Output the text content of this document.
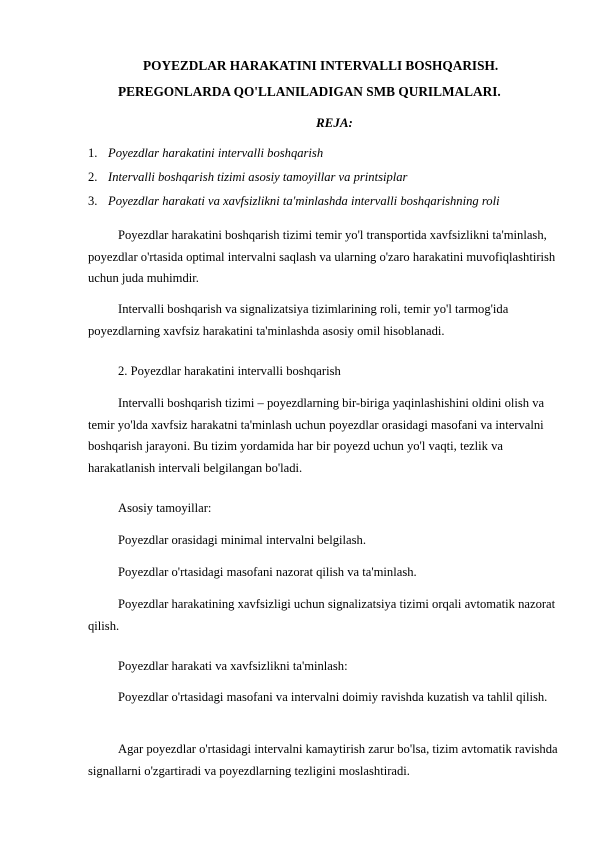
POYEZDLAR HARAKATINI INTERVALLI BOSHQARISH.
PEREGONLARDA QO'LLANILADIGAN SMB QURILMALARI.
REJA:
1. Poyezdlar harakatini intervalli boshqarish
2. Intervalli boshqarish tizimi asosiy tamoyillar va printsiplar
3. Poyezdlar harakati va xavfsizlikni ta'minlashda intervalli boshqarishning roli

Poyezdlar harakatini boshqarish tizimi temir yo'l transportida xavfsizlikni ta'minlash, poyezdlar o'rtasida optimal intervalni saqlash va ularning o'zaro harakatini muvofiqlashtirish uchun juda muhimdir.

Intervalli boshqarish va signalizatsiya tizimlarining roli, temir yo'l tarmog'ida poyezdlarning xavfsiz harakatini ta'minlashda asosiy omil hisoblanadi.

2. Poyezdlar harakatini intervalli boshqarish

Intervalli boshqarish tizimi – poyezdlarning bir-biriga yaqinlashishini oldini olish va temir yo'lda xavfsiz harakatni ta'minlash uchun poyezdlar orasidagi masofani va intervalni boshqarish jarayoni. Bu tizim yordamida har bir poyezd uchun yo'l vaqti, tezlik va harakatlanish intervali belgilangan bo'ladi.

Asosiy tamoyillar:

Poyezdlar orasidagi minimal intervalni belgilash.

Poyezdlar o'rtasidagi masofani nazorat qilish va ta'minlash.

Poyezdlar harakatining xavfsizligi uchun signalizatsiya tizimi orqali avtomatik nazorat qilish.

Poyezdlar harakati va xavfsizlikni ta'minlash:

Poyezdlar o'rtasidagi masofani va intervalni doimiy ravishda kuzatish va tahlil qilish.

Agar poyezdlar o'rtasidagi intervalni kamaytirish zarur bo'lsa, tizim avtomatik ravishda signallarni o'zgartiradi va poyezdlarning tezligini moslashtiradi.
